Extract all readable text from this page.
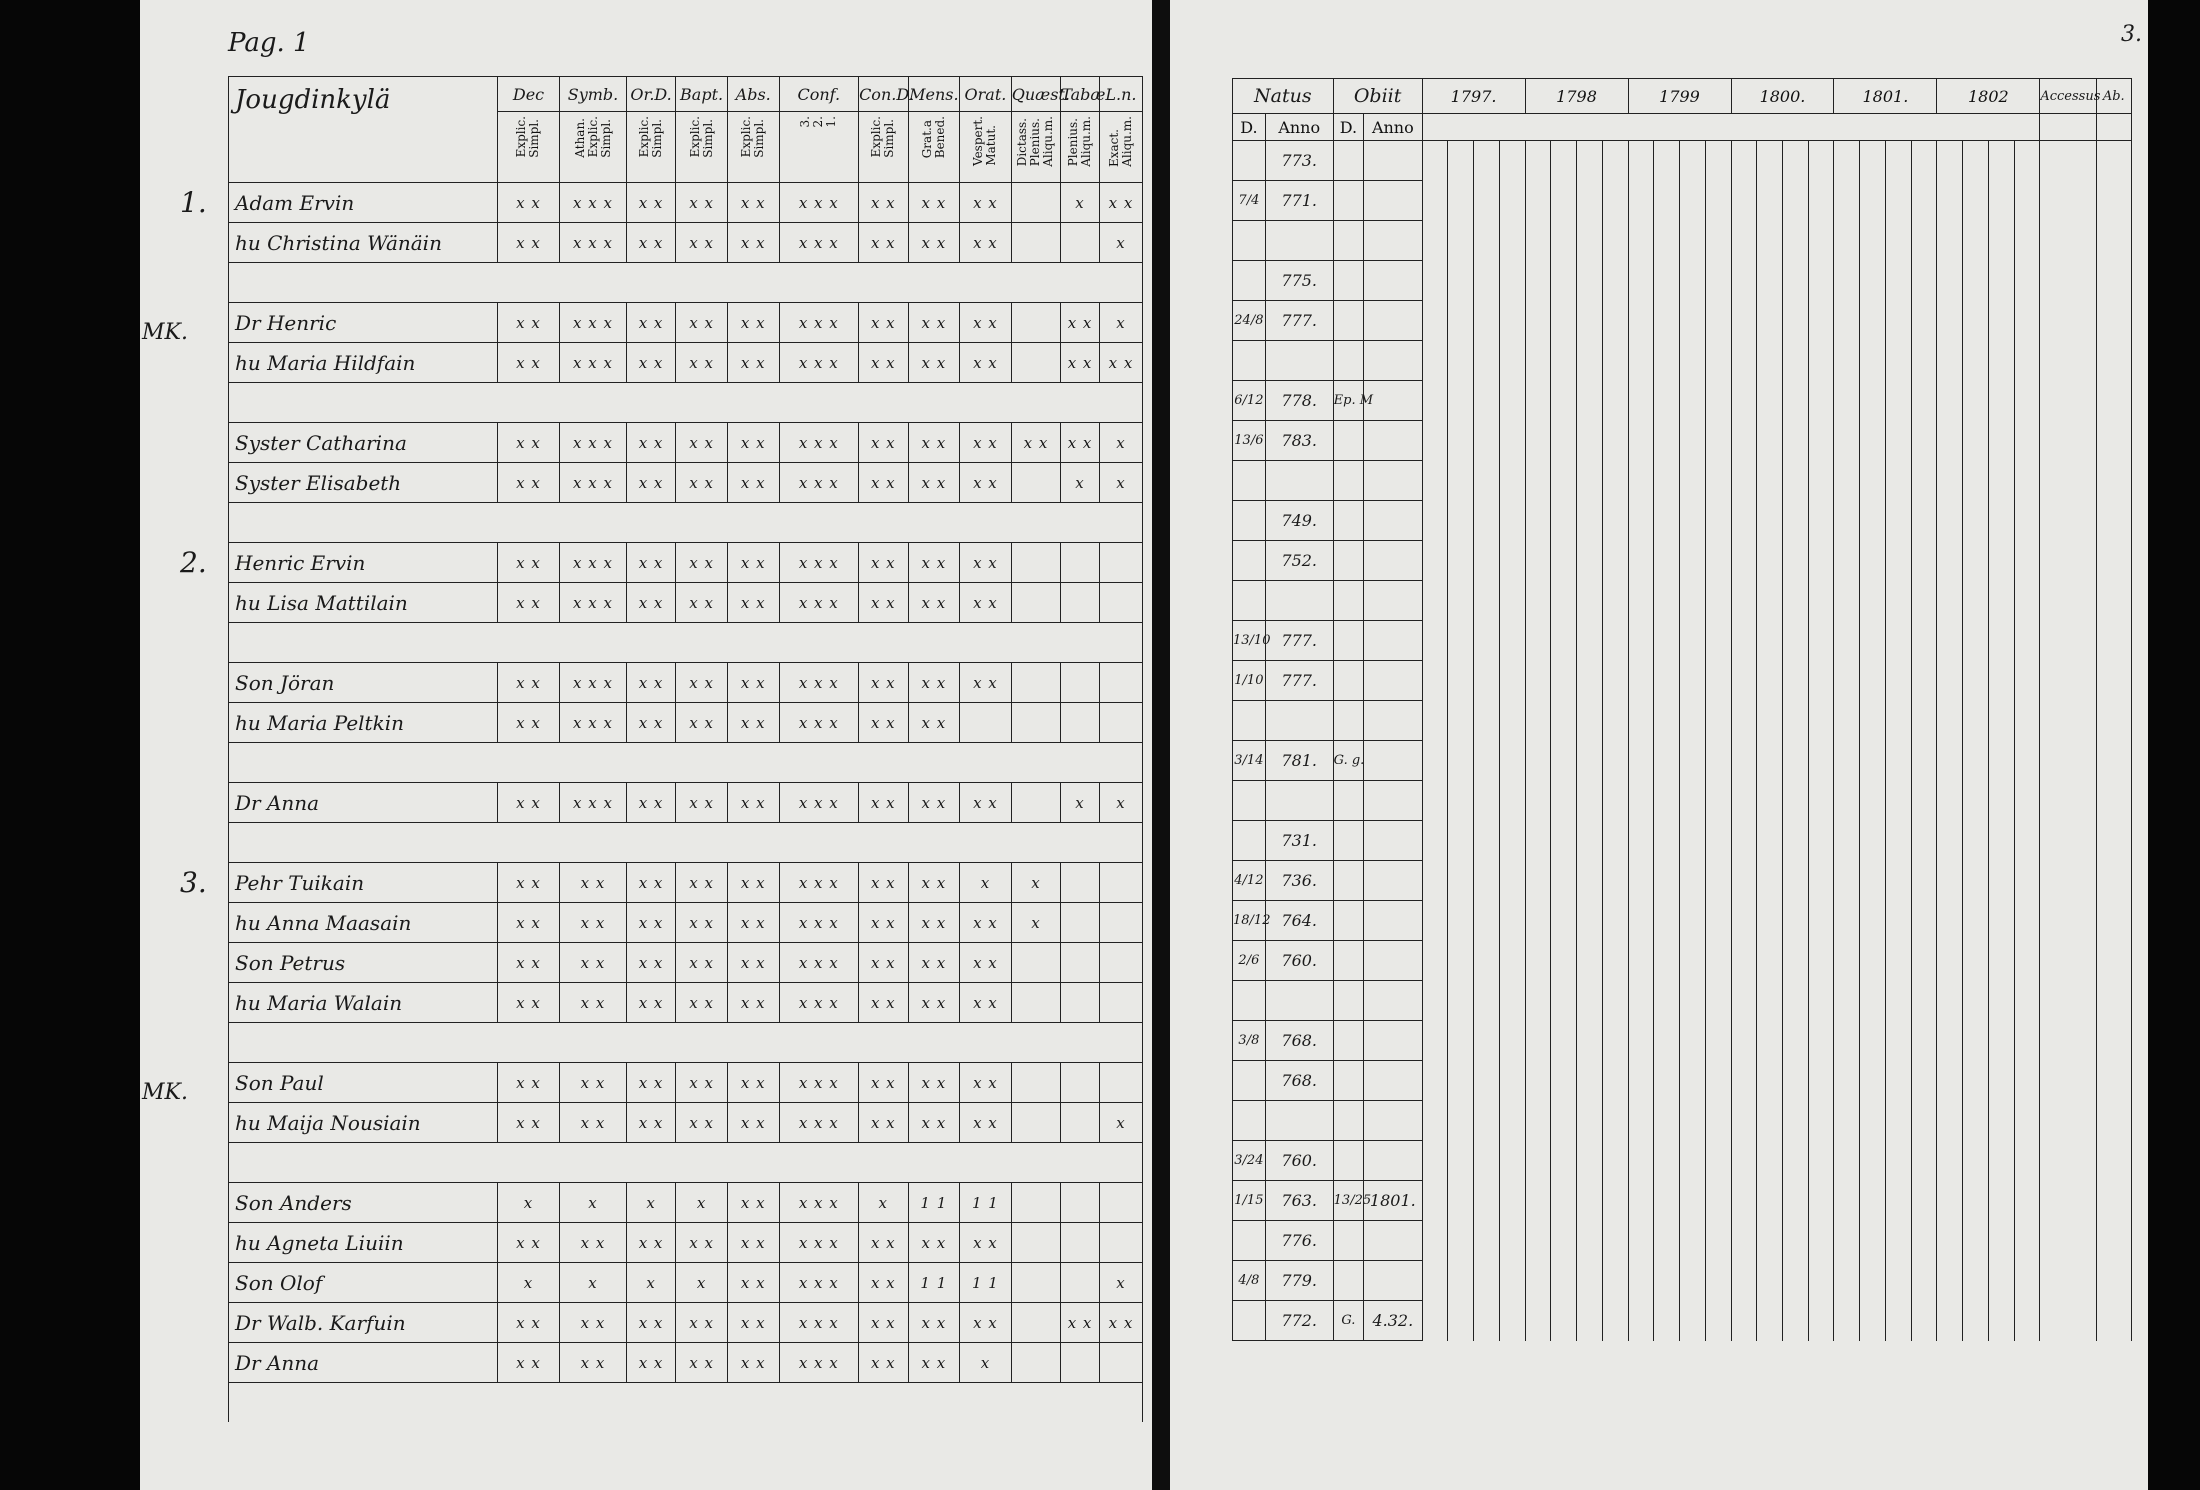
Pag. 1
1.
MK.
2.
3.
MK.
Jougdinkylä	Dec	Symb.	Or.D.	Bapt.	Abs.	Conf.	Con.D.	Mens.	Orat.	Quæst.	Tabæ	L.n.
	Explic.Simpl.	Athan.Explic.Simpl.	Explic.Simpl.	Explic.Simpl.	Explic.Simpl.	3.2.1.	Explic.Simpl.	Grat.aBened.	Vespert.Matut.	Dictass.Plenius.Aliqu.m.	Plenius.Aliqu.m.	Exact.Aliqu.m.
Adam Ervin	x x	x x x	x x	x x	x x	x x x	x x	x x	x x		x	x x
hu Christina Wänäin	x x	x x x	x x	x x	x x	x x x	x x	x x	x x			x

Dr Henric	x x	x x x	x x	x x	x x	x x x	x x	x x	x x		x x	x
hu Maria Hildfain	x x	x x x	x x	x x	x x	x x x	x x	x x	x x		x x	x x

Syster Catharina	x x	x x x	x x	x x	x x	x x x	x x	x x	x x	x x	x x	x
Syster Elisabeth	x x	x x x	x x	x x	x x	x x x	x x	x x	x x		x	x

Henric Ervin	x x	x x x	x x	x x	x x	x x x	x x	x x	x x			
hu Lisa Mattilain	x x	x x x	x x	x x	x x	x x x	x x	x x	x x			

Son Jöran	x x	x x x	x x	x x	x x	x x x	x x	x x	x x			
hu Maria Peltkin	x x	x x x	x x	x x	x x	x x x	x x	x x				

Dr Anna	x x	x x x	x x	x x	x x	x x x	x x	x x	x x		x	x

Pehr Tuikain	x x	x x	x x	x x	x x	x x x	x x	x x	x	x		
hu Anna Maasain	x x	x x	x x	x x	x x	x x x	x x	x x	x x	x		
Son Petrus	x x	x x	x x	x x	x x	x x x	x x	x x	x x			
hu Maria Walain	x x	x x	x x	x x	x x	x x x	x x	x x	x x			

Son Paul	x x	x x	x x	x x	x x	x x x	x x	x x	x x			
hu Maija Nousiain	x x	x x	x x	x x	x x	x x x	x x	x x	x x			x

Son Anders	x	x	x	x	x x	x x x	x	1 1	1 1			
hu Agneta Liuiin	x x	x x	x x	x x	x x	x x x	x x	x x	x x			
Son Olof	x	x	x	x	x x	x x x	x x	1 1	1 1			x
Dr Walb. Karfuin	x x	x x	x x	x x	x x	x x x	x x	x x	x x		x x	x x
Dr Anna	x x	x x	x x	x x	x x	x x x	x x	x x	x			

3.
Natus		Obiit		1797.				1798				1799				1800.				1801.				1802				Accessus	Ab.
D.	Anno	D.	Anno																										
	773.																												
7/4	771.																												

	775.																												
24/8	777.																												

6/12	778.	Ep. M																											
13/6	783.																												

	749.																												
	752.																												

13/10	777.																												
1/10	777.																												

3/14	781.	G. g.																											

	731.																												
4/12	736.																												
18/12	764.																												
2/6	760.																												

3/8	768.																												
	768.																												

3/24	760.																												
1/15	763.	13/25	1801.																										
	776.																												
4/8	779.																												
	772.	G.	4.32.																										
